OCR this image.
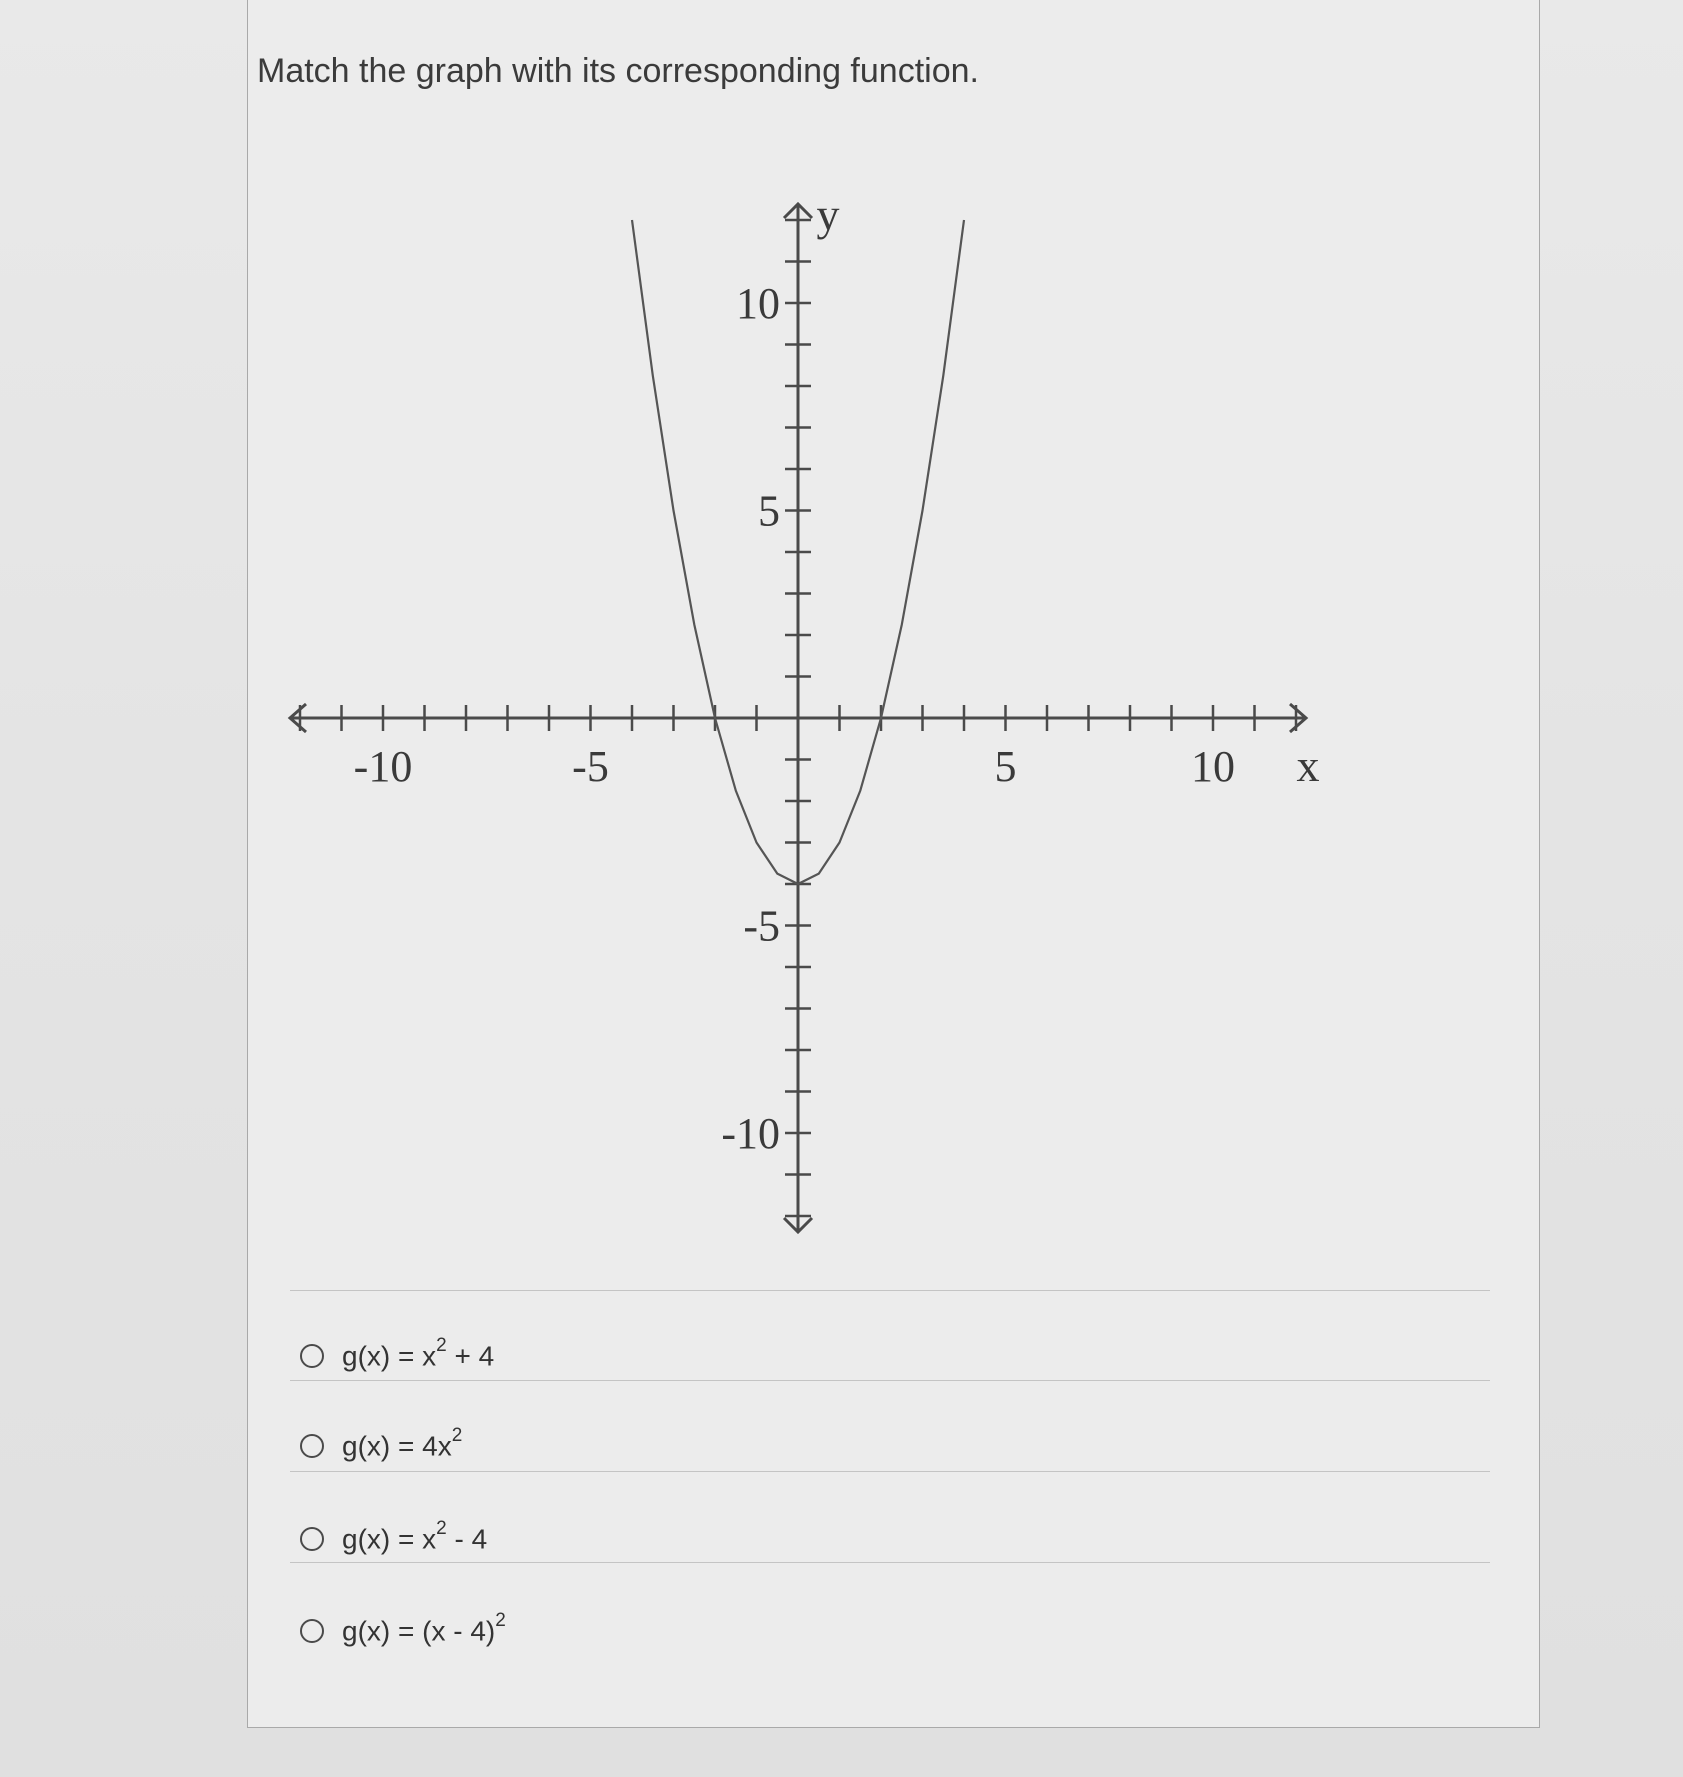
Match the graph with its corresponding function.
-10	-5	5	10
10
5
-5
-10
x
y
$g(x) = x^2 + 4$
$g(x) = 4x^2$
$g(x) = x^2 - 4$
g(x) = (x - 4)$^2$
